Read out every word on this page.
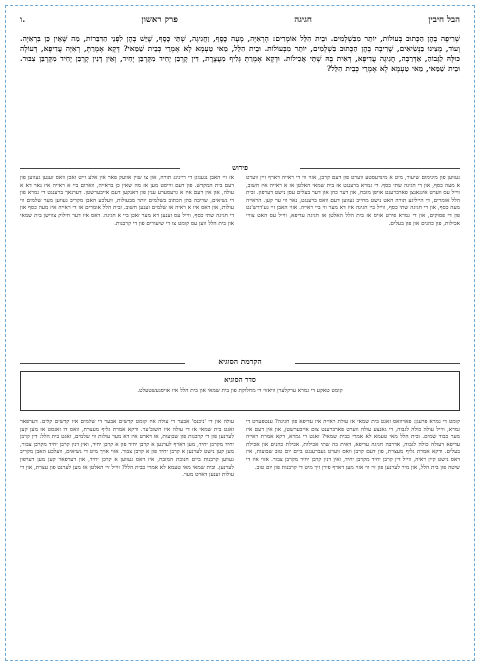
הבל חיבין
חגיגה
פרק ראשון
ו.
שְׁרִיפָה בָּהֶן הַכָּתוּב בְּעוֹלוֹת, יוֹתֵר מִבִּשְׁלָמִים. וּבֵית הִלֵּל אוֹמְרִים: הָרְאִיָּה, מָעָה כֶּסֶף, וַחֲגִיגָה, שְׁתֵּי כֶּסֶף, שֶׁיֵּשׁ בָּהֶן לִפְנֵי הַדִּבֵּרוֹת, מַה שֶּׁאֵין כֵּן בִּרְאִיָּה. וְעוֹד, מָצִינוּ בַּנְּשִׂיאִים, שֶׁרִיבָה בָּהֶן הַכָּתוּב בִּשְׁלָמִים, יוֹתֵר מִבְּעוֹלוֹת. וּבֵית הִלֵּל, מַאי טַעְמָא לָא אָמְרֵי כְּבֵית שַׁמַּאי? דְּקָא אָמְרַתְּ, רְאִיָּה עֲדִיפָא, דְּעוֹלָה כּוּלָּהּ לַגָּבוֹהַ, אַדְּרַבָּה, חֲגִיגָה עֲדִיפָא, דְּאִית בָּהּ שְׁתֵּי אֲכִילוֹת. וּדְקָא אָמְרַתְּ גְּלִיף מִעֲצֶרֶת, דִּין קָרְבַּן יָחִיד מִקָּרְבַּן יָחִיד, וְאֵין דָּנִין קָרְבַּן יָחִיד מִקָּרְבַּן צִבּוּר. וּבֵית שַׁמַּאי, מַאי טַעְמָא לָא אָמְרֵי כְּבֵית הִלֵּל?
פירוש
געווען פון מינימום שיעור, מיט א מינדעסטע ווערט פון דעם קרבן, אזוי ווי די ראייה דארף זיין ווערט א מעה כסף, און די חגיגה שתי כסף. די גמרא ברענגט אז בית שמאי האלטן אז א ראייה איז חשוב, ווייל עס ווערט אינגאנצן פארברענט אויפן מזבח, און דער כהן און דער בעלים עסן נישט דערפון. ובית הלל אומרים, די הייליגע תורה האט נישט מחייב געווען דעם וואס ברענגט, נאר ווי ער קען. הראייה מעה כסף, און די חגיגה שתי כסף, ווייל ביי חגיגה איז דא מער ווי ביי ראייה. אזוי האבן זיי גע'דרש'נט פון די פסוקים, און די גמרא פירט אויס אז בית הלל האלטן אז חגיגה עדיפא, ווייל עס האט צוויי אכילות, פון כהנים און פון בעלים.
אז זיי האבן נגענוגן די ריינינג תורה, און צו שוין אוועק פאר אין אלע זייט זאכן וואס זענען געווען פון דעם בית המקדש. פון דעם ווייסט מען אז מה שאין כן בראייה, ווארום ביי א ראייה איז נאר דא א עולה, און אין דעם איז א גרעסערע ענין פון דאנקען דעם אייבערשטן. דערנאך ברענגט די גמרא פון די נשיאים, שריבה בהן הכתוב בשלמים יותר מבעולות, וועלכע האבן מקריב געווען מער שלמים ווי עולות, און דאס איז א ראיה אז שלמים זענען חשוב. ובית הלל אומרים אז די ראייה איז מעה כסף און די חגיגה שתי כסף, ווייל עס זענען דא מער זאכן ביי א חגיגה. דאס איז דער חילוק צווישן בית שמאי און בית הלל ווען עס קומט צו די שיעורים פון די קרבנות.
הקדמת הסוגיא
סדר הסוגיא
קומט טאקע די גמרא ערקלערן וויאזוי די מחלוקת פון בית שמאי און בית הלל איז אויסגעשטעלט.
קומט די גמרא פרעגן: פארוואס זאגט בית שמאי אז עולת ראייה איז עדיפא פון חגיגה? ענטפערט די גמרא, ווייל עולה כולה לגבוה, די גאנצע עולה ווערט פארברענט צום אייבערשטן, און אין דעם איז מער כבוד שמים. ובית הלל מאי טעמא לא אמרי כבית שמאי? זאגט די גמרא, דקא אמרת ראייה עדיפא דעולה כולה לגבוה, אדרבה חגיגה עדיפא, דאית בה שתי אכילות, אכילת כהנים און אכילת בעלים. ודקא אמרת גליף מעצרת, פון דעם קרבן וואס ווערט געברענגט ביים יום טוב שבועות, איז דאס נישט קיין ראיה, ווייל דין קרבן יחיד מקרבן יחיד, ואין דנין קרבן יחיד מקרבן צבור. אזוי איז די שיטה פון בית הלל, און מיר לערנען פון זיי ווי אזוי מען דארף פירן זיך מיט די קרבנות פון יום טוב.
עולה און די 'ניכנס' אבער די עולה איז קומט קדשים אבער די שלמים איז קדשים קלים. דערפאר זאגט בית שמאי אז די עולה איז חשוב'ער. ודקא אמרת גליף מעצרת, וואס דו זאגסט אז מען קען לערנען פון די קרבנות פון שבועות, אז דארט איז דא מער עולות ווי שלמים, זאגט בית הלל: דין קרבן יחיד מקרבן יחיד, מען דארף לערנען א קרבן יחיד פון א קרבן יחיד, ואין דנין קרבן יחיד מקרבן צבור, מען קען נישט לערנען א קרבן יחיד פון א קרבן צבור. אזוי אויך מיט די נשיאים, וועלכע האבן מקריב געווען קרבנות ביים חנוכת המזבח, איז דאס געווען א קרבן יחיד, און דערפאר קען מען דערפון לערנען. ובית שמאי מאי טעמא לא אמרי כבית הלל? ווייל זיי האלטן אז מען לערנט פון עצרת, און די עולות זענען דארט מער.
